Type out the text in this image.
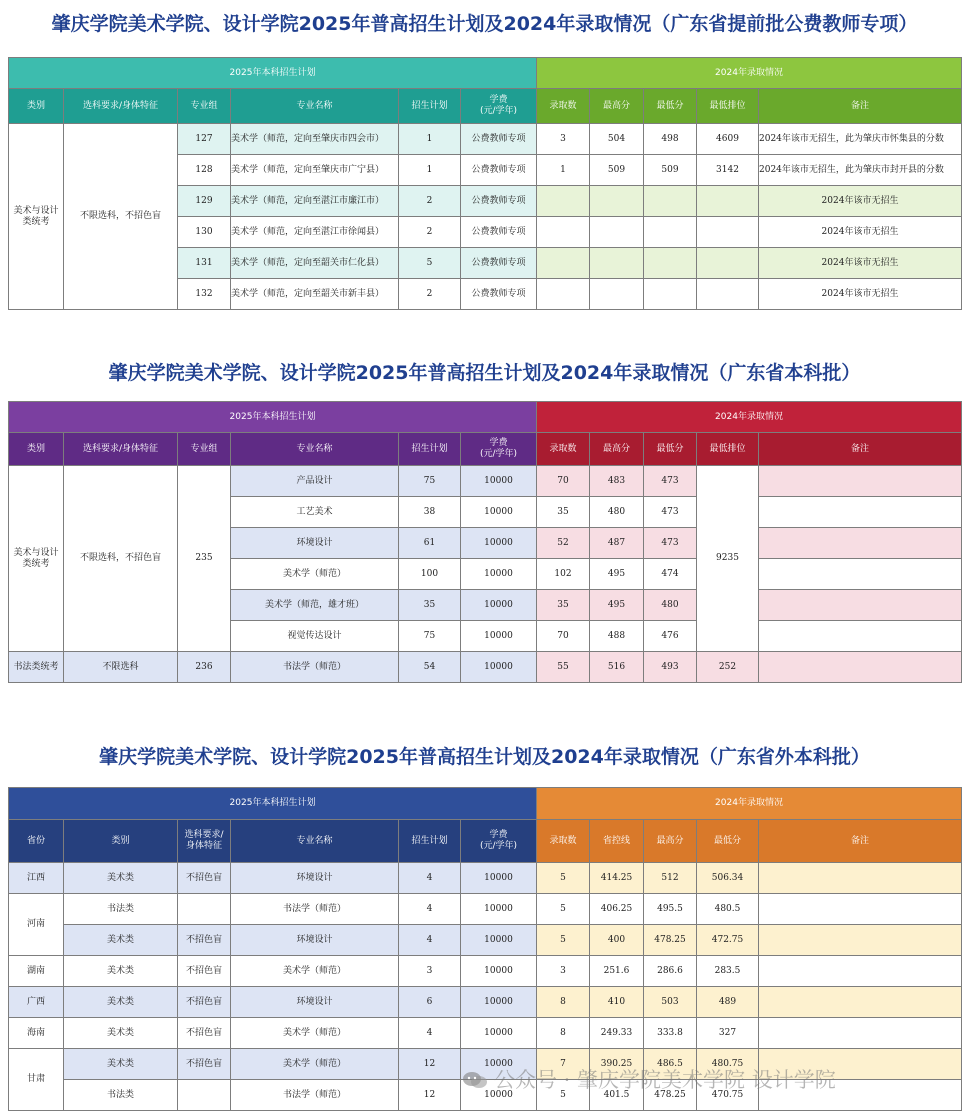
肇庆学院美术学院、设计学院2025年普高招生计划及2024年录取情况（广东省提前批公费教师专项）
2025年本科招生计划						2024年录取情况				
类别	选科要求/身体特征	专业组	专业名称	招生计划	学费
(元/学年)	录取数	最高分	最低分	最低排位	备注
美术与设计
类统考	不限选科，不招色盲	127	美术学（师范，定向至肇庆市四会市）	1	公费教师专项	3	504	498	4609	2024年该市无招生，此为肇庆市怀集县的分数
		128	美术学（师范，定向至肇庆市广宁县）	1	公费教师专项	1	509	509	3142	2024年该市无招生，此为肇庆市封开县的分数
		129	美术学（师范，定向至湛江市廉江市）	2	公费教师专项					2024年该市无招生
		130	美术学（师范，定向至湛江市徐闻县）	2	公费教师专项					2024年该市无招生
		131	美术学（师范，定向至韶关市仁化县）	5	公费教师专项					2024年该市无招生
		132	美术学（师范，定向至韶关市新丰县）	2	公费教师专项					2024年该市无招生
肇庆学院美术学院、设计学院2025年普高招生计划及2024年录取情况（广东省本科批）
2025年本科招生计划						2024年录取情况				
类别	选科要求/身体特征	专业组	专业名称	招生计划	学费
(元/学年)	录取数	最高分	最低分	最低排位	备注
美术与设计
类统考	不限选科，不招色盲	235	产品设计	75	10000	70	483	473	9235	
			工艺美术	38	10000	35	480	473		
			环境设计	61	10000	52	487	473		
			美术学（师范）	100	10000	102	495	474		
			美术学（师范，雄才班）	35	10000	35	495	480		
			视觉传达设计	75	10000	70	488	476		
书法类统考	不限选科	236	书法学（师范）	54	10000	55	516	493	252	
肇庆学院美术学院、设计学院2025年普高招生计划及2024年录取情况（广东省外本科批）
2025年本科招生计划						2024年录取情况				
省份	类别	选科要求/
身体特征	专业名称	招生计划	学费
(元/学年)	录取数	省控线	最高分	最低分	备注
江西	美术类	不招色盲	环境设计	4	10000	5	414.25	512	506.34	
河南	书法类		书法学（师范）	4	10000	5	406.25	495.5	480.5	
	美术类	不招色盲	环境设计	4	10000	5	400	478.25	472.75	
湖南	美术类	不招色盲	美术学（师范）	3	10000	3	251.6	286.6	283.5	
广西	美术类	不招色盲	环境设计	6	10000	8	410	503	489	
海南	美术类	不招色盲	美术学（师范）	4	10000	8	249.33	333.8	327	
甘肃	美术类	不招色盲	美术学（师范）	12	10000	7	390.25	486.5	480.75	
	书法类		书法学（师范）	12	10000	5	401.5	478.25	470.75	
公众号 · 肇庆学院美术学院 设计学院
